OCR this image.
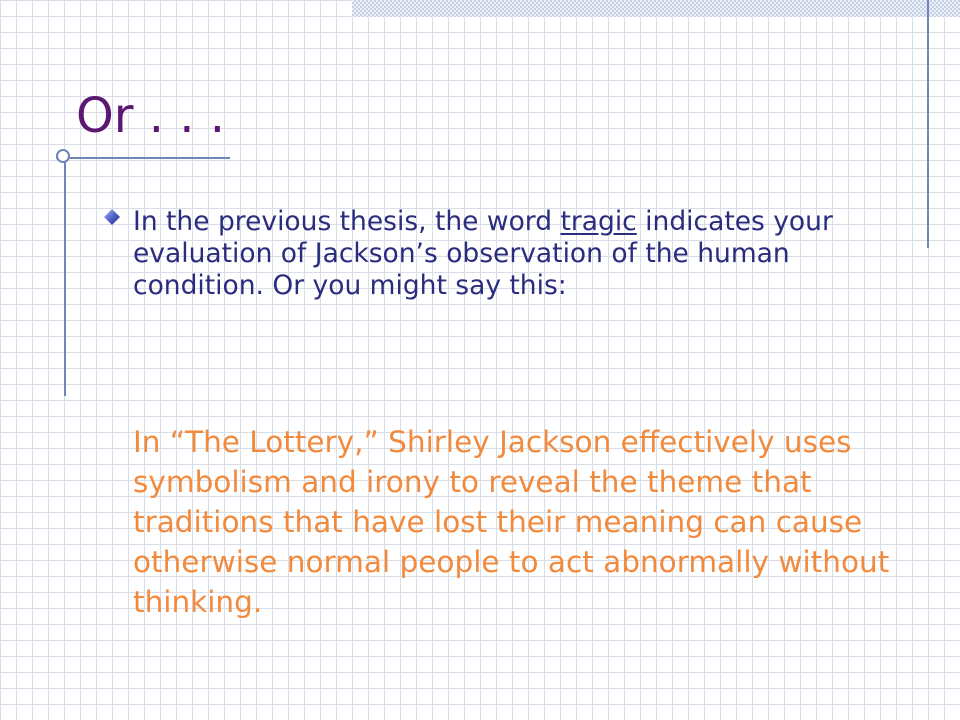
Or . . .

In the previous thesis, the word tragic indicates your evaluation of Jackson’s observation of the human condition. Or you might say this:

In “The Lottery,” Shirley Jackson effectively uses symbolism and irony to reveal the theme that traditions that have lost their meaning can cause otherwise normal people to act abnormally without thinking.
